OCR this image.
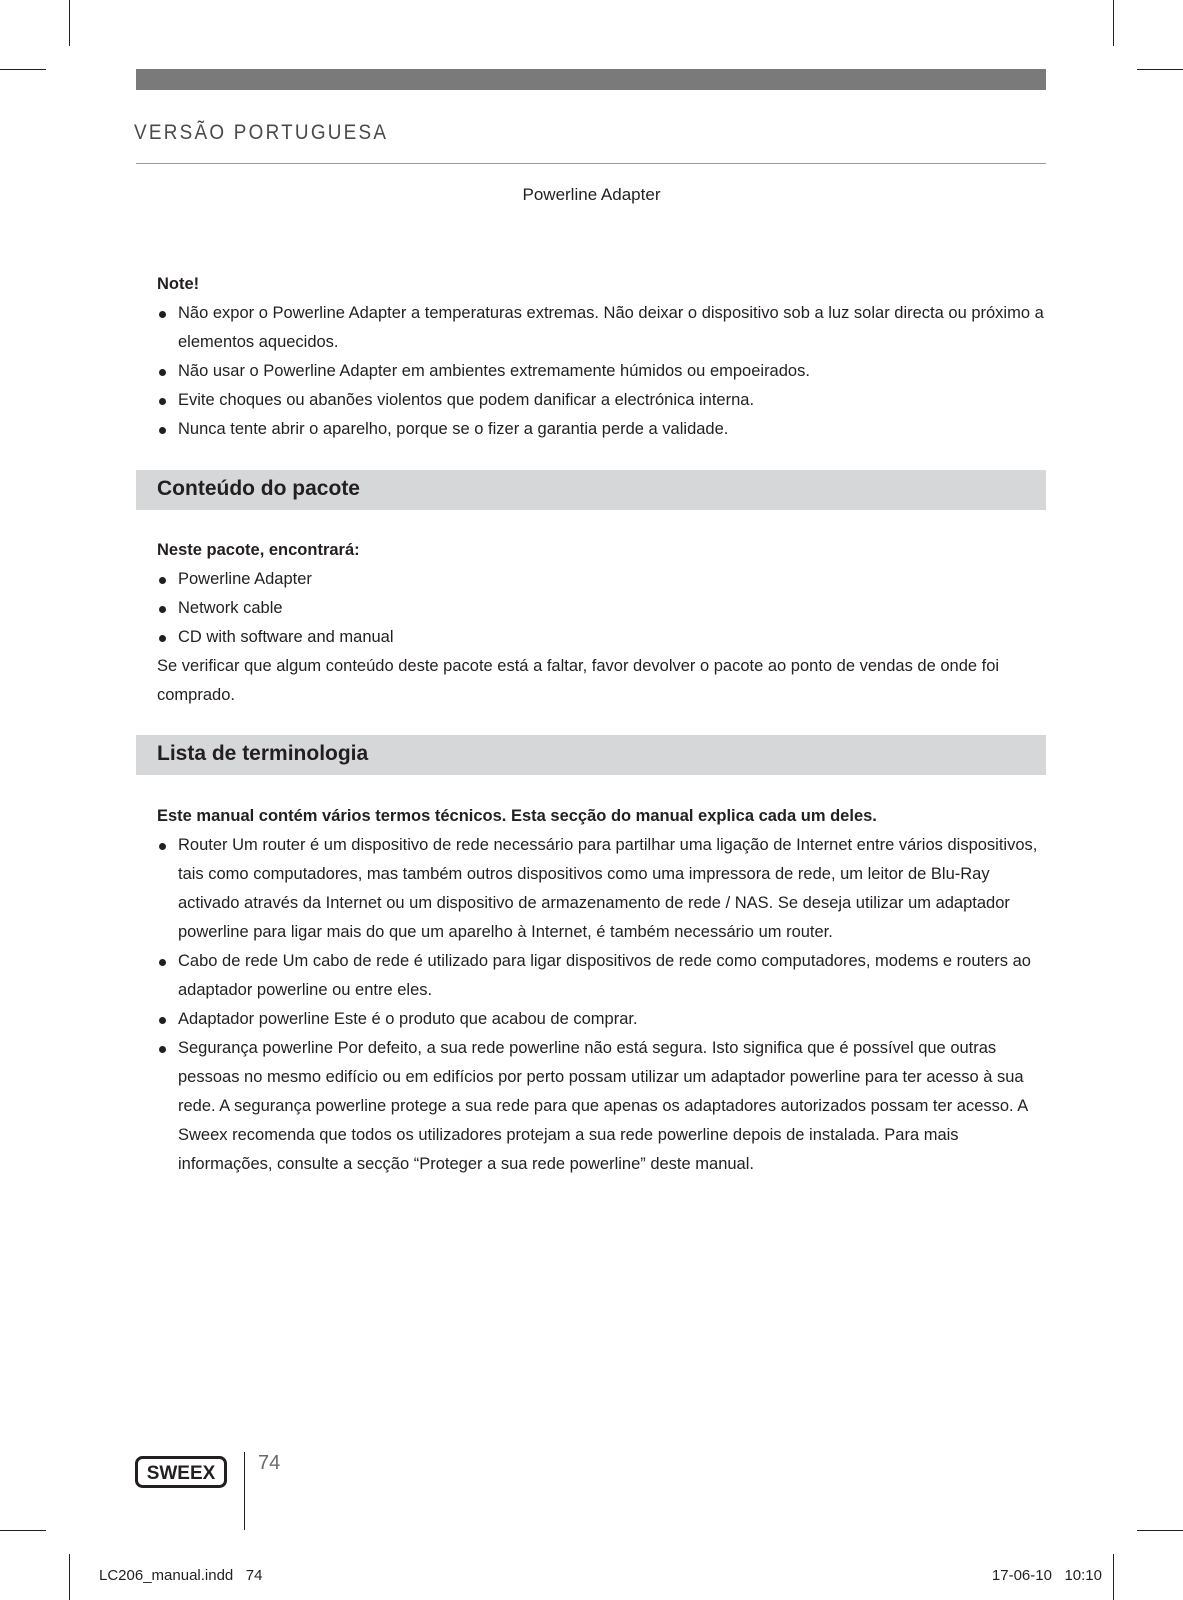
VERSÃO PORTUGUESA
Powerline Adapter
Note!
Não expor o Powerline Adapter a temperaturas extremas. Não deixar o dispositivo sob a luz solar directa ou próximo a elementos aquecidos.
Não usar o Powerline Adapter em ambientes extremamente húmidos ou empoeirados.
Evite choques ou abanões violentos que podem danificar a electrónica interna.
Nunca tente abrir o aparelho, porque se o fizer a garantia perde a validade.
Conteúdo do pacote
Neste pacote, encontrará:
Powerline Adapter
Network cable
CD with software and manual
Se verificar que algum conteúdo deste pacote está a faltar, favor devolver o pacote ao ponto de vendas de onde foi comprado.
Lista de terminologia
Este manual contém vários termos técnicos. Esta secção do manual explica cada um deles.
Router Um router é um dispositivo de rede necessário para partilhar uma ligação de Internet entre vários dispositivos, tais como computadores, mas também outros dispositivos como uma impressora de rede, um leitor de Blu-Ray activado através da Internet ou um dispositivo de armazenamento de rede / NAS. Se deseja utilizar um adaptador powerline para ligar mais do que um aparelho à Internet, é também necessário um router.
Cabo de rede Um cabo de rede é utilizado para ligar dispositivos de rede como computadores, modems e routers ao adaptador powerline ou entre eles.
Adaptador powerline Este é o produto que acabou de comprar.
Segurança powerline Por defeito, a sua rede powerline não está segura. Isto significa que é possível que outras pessoas no mesmo edifício ou em edifícios por perto possam utilizar um adaptador powerline para ter acesso à sua rede. A segurança powerline protege a sua rede para que apenas os adaptadores autorizados possam ter acesso. A Sweex recomenda que todos os utilizadores protejam a sua rede powerline depois de instalada. Para mais informações, consulte a secção “Proteger a sua rede powerline” deste manual.
SWEEX 74
LC206_manual.indd   74	17-06-10   10:10
